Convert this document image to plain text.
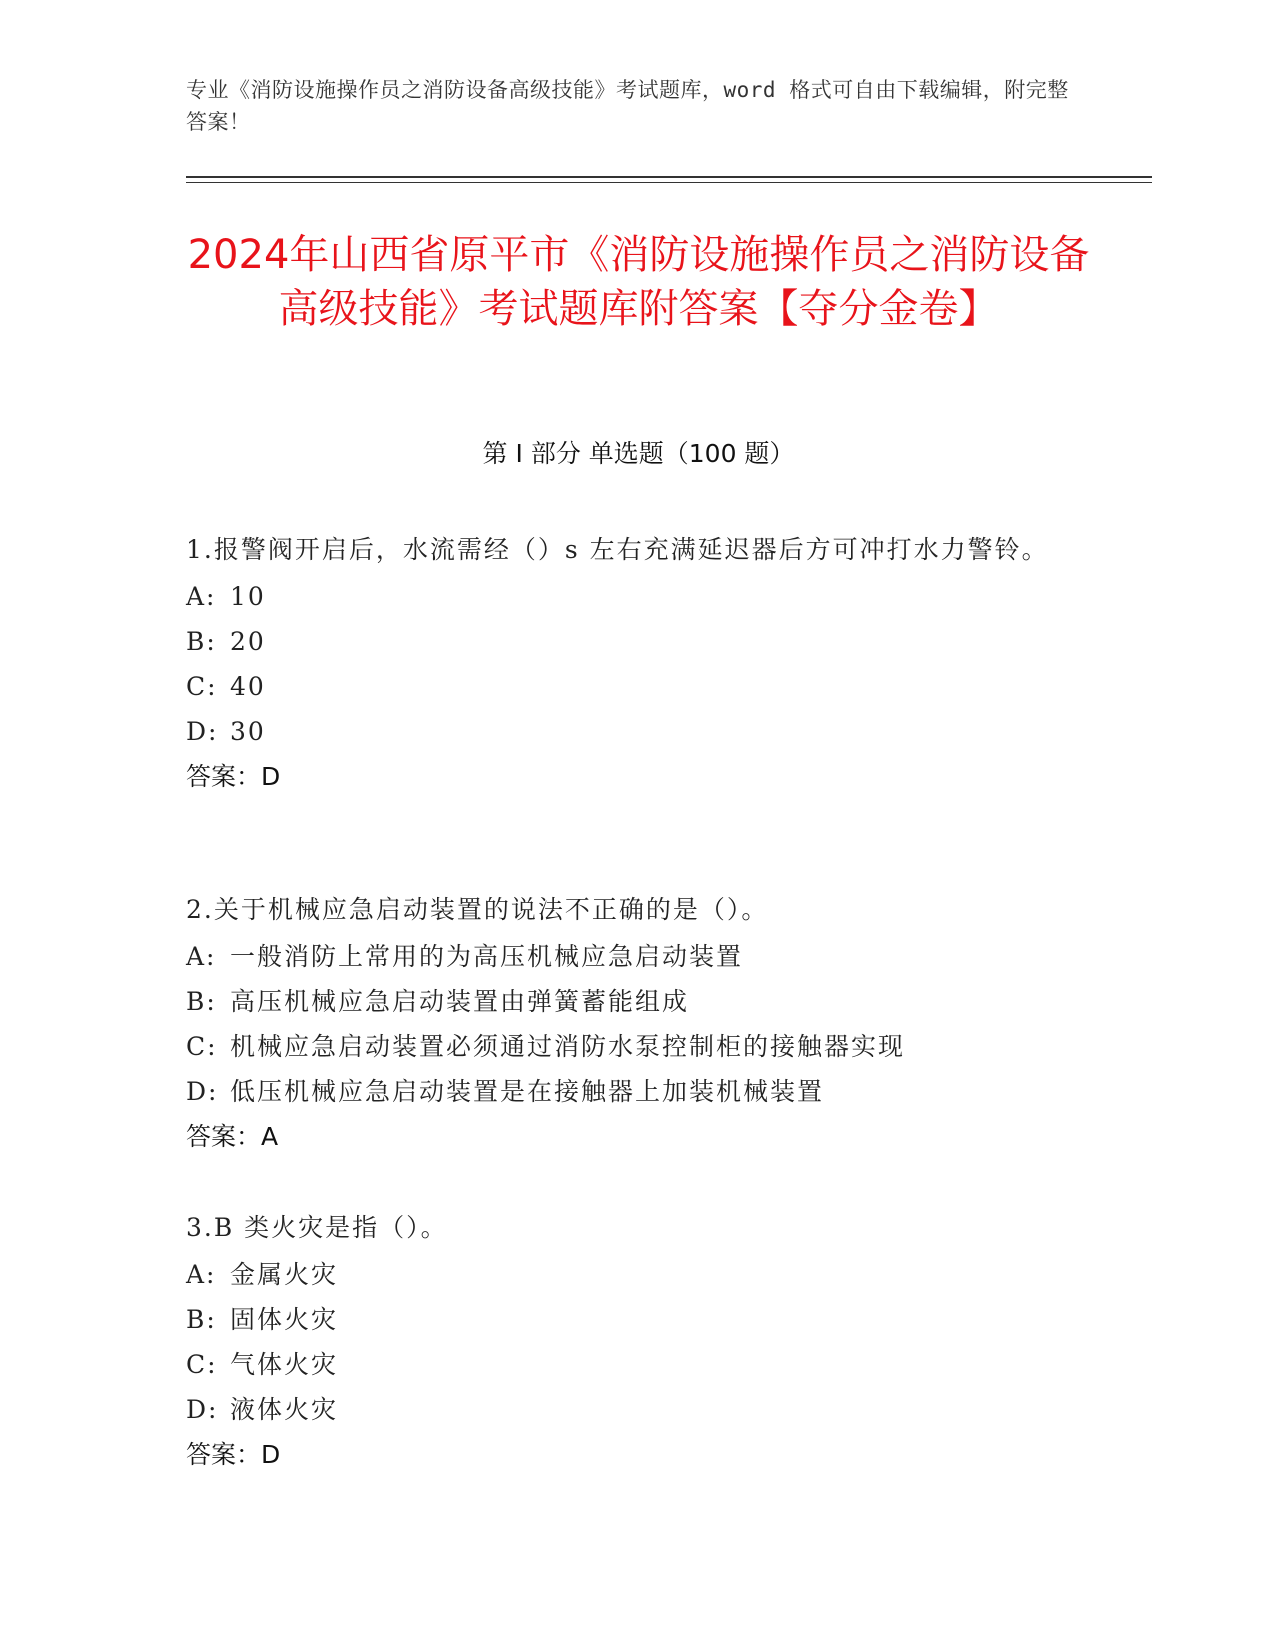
专业《消防设施操作员之消防设备高级技能》考试题库，word 格式可自由下载编辑，附完整答案！
2024年山西省原平市《消防设施操作员之消防设备高级技能》考试题库附答案【夺分金卷】
第 I 部分 单选题（100 题）
1.报警阀开启后，水流需经（）s 左右充满延迟器后方可冲打水力警铃。
A: 10
B: 20
C: 40
D: 30
答案：D
2.关于机械应急启动装置的说法不正确的是（）。
A: 一般消防上常用的为高压机械应急启动装置
B: 高压机械应急启动装置由弹簧蓄能组成
C: 机械应急启动装置必须通过消防水泵控制柜的接触器实现
D: 低压机械应急启动装置是在接触器上加装机械装置
答案：A
3.B 类火灾是指（）。
A: 金属火灾
B: 固体火灾
C: 气体火灾
D: 液体火灾
答案：D
